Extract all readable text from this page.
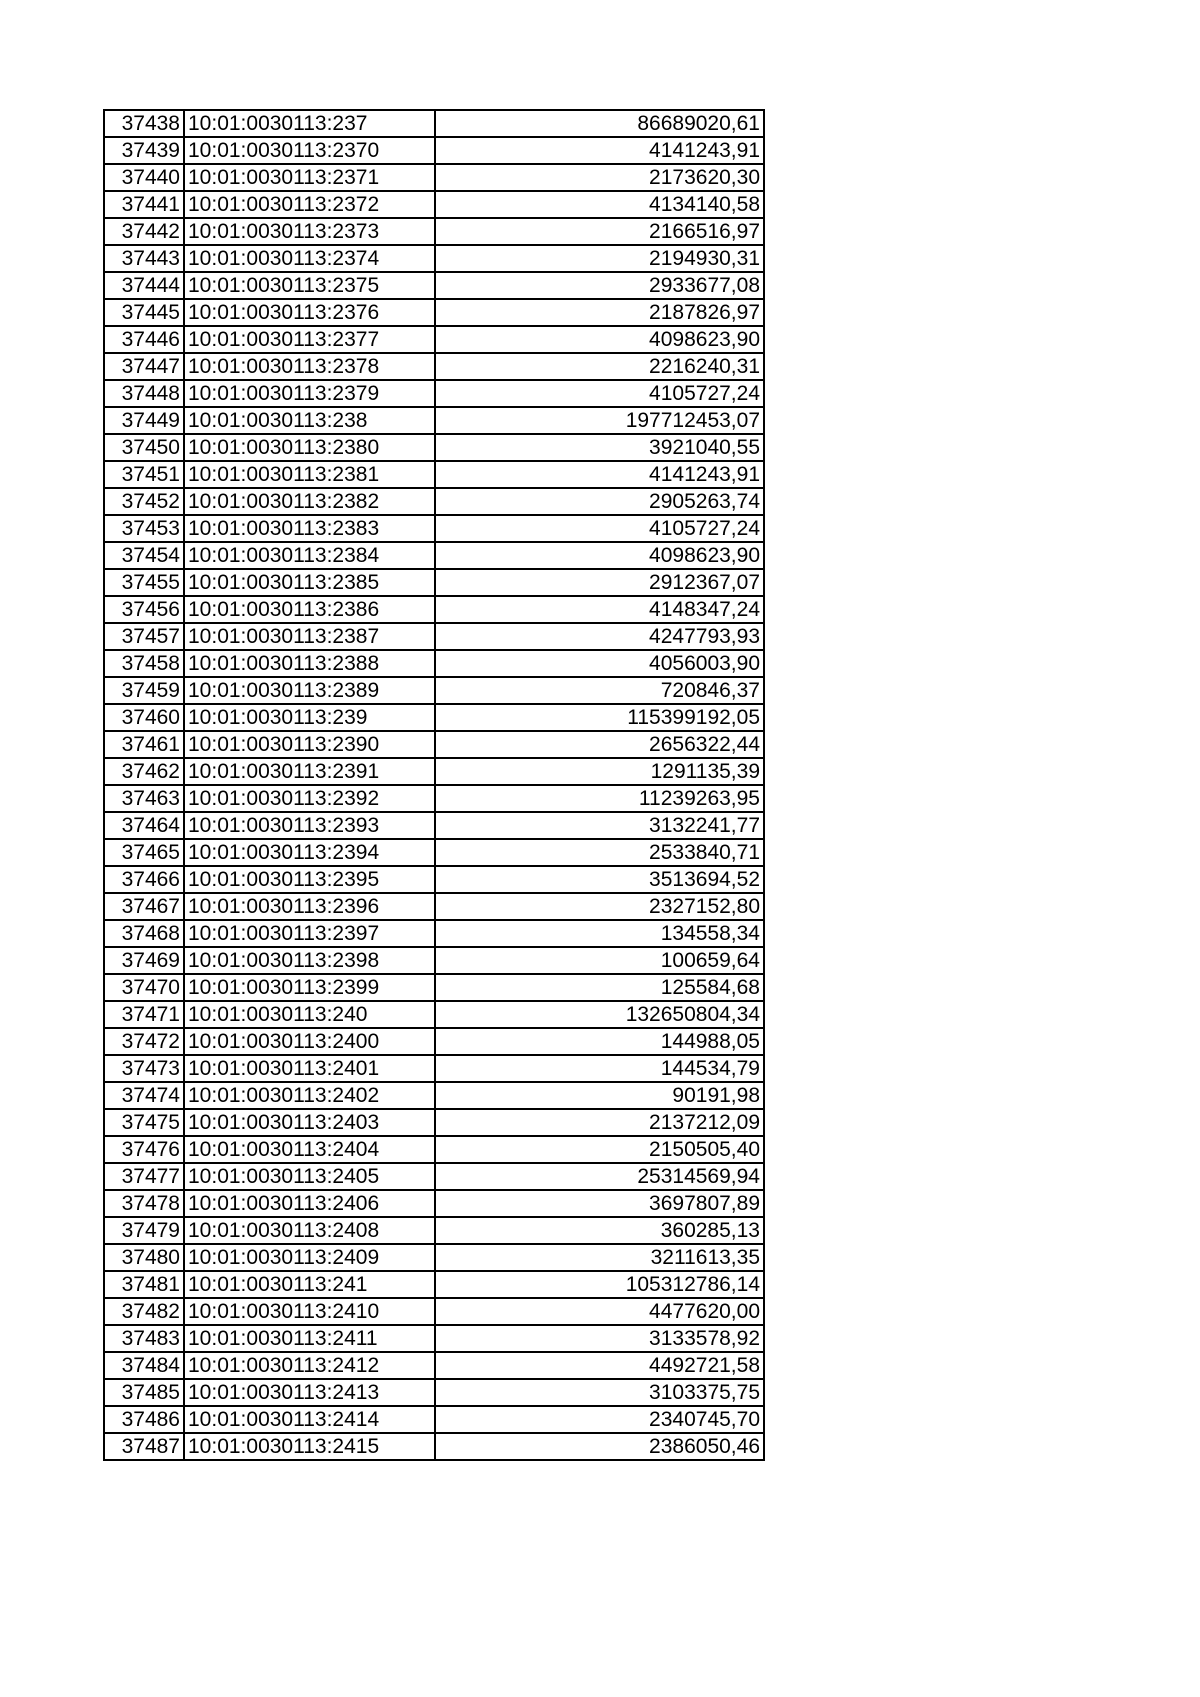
37438	10:01:0030113:237	86689020,61
37439	10:01:0030113:2370	4141243,91
37440	10:01:0030113:2371	2173620,30
37441	10:01:0030113:2372	4134140,58
37442	10:01:0030113:2373	2166516,97
37443	10:01:0030113:2374	2194930,31
37444	10:01:0030113:2375	2933677,08
37445	10:01:0030113:2376	2187826,97
37446	10:01:0030113:2377	4098623,90
37447	10:01:0030113:2378	2216240,31
37448	10:01:0030113:2379	4105727,24
37449	10:01:0030113:238	197712453,07
37450	10:01:0030113:2380	3921040,55
37451	10:01:0030113:2381	4141243,91
37452	10:01:0030113:2382	2905263,74
37453	10:01:0030113:2383	4105727,24
37454	10:01:0030113:2384	4098623,90
37455	10:01:0030113:2385	2912367,07
37456	10:01:0030113:2386	4148347,24
37457	10:01:0030113:2387	4247793,93
37458	10:01:0030113:2388	4056003,90
37459	10:01:0030113:2389	720846,37
37460	10:01:0030113:239	115399192,05
37461	10:01:0030113:2390	2656322,44
37462	10:01:0030113:2391	1291135,39
37463	10:01:0030113:2392	11239263,95
37464	10:01:0030113:2393	3132241,77
37465	10:01:0030113:2394	2533840,71
37466	10:01:0030113:2395	3513694,52
37467	10:01:0030113:2396	2327152,80
37468	10:01:0030113:2397	134558,34
37469	10:01:0030113:2398	100659,64
37470	10:01:0030113:2399	125584,68
37471	10:01:0030113:240	132650804,34
37472	10:01:0030113:2400	144988,05
37473	10:01:0030113:2401	144534,79
37474	10:01:0030113:2402	90191,98
37475	10:01:0030113:2403	2137212,09
37476	10:01:0030113:2404	2150505,40
37477	10:01:0030113:2405	25314569,94
37478	10:01:0030113:2406	3697807,89
37479	10:01:0030113:2408	360285,13
37480	10:01:0030113:2409	3211613,35
37481	10:01:0030113:241	105312786,14
37482	10:01:0030113:2410	4477620,00
37483	10:01:0030113:2411	3133578,92
37484	10:01:0030113:2412	4492721,58
37485	10:01:0030113:2413	3103375,75
37486	10:01:0030113:2414	2340745,70
37487	10:01:0030113:2415	2386050,46
